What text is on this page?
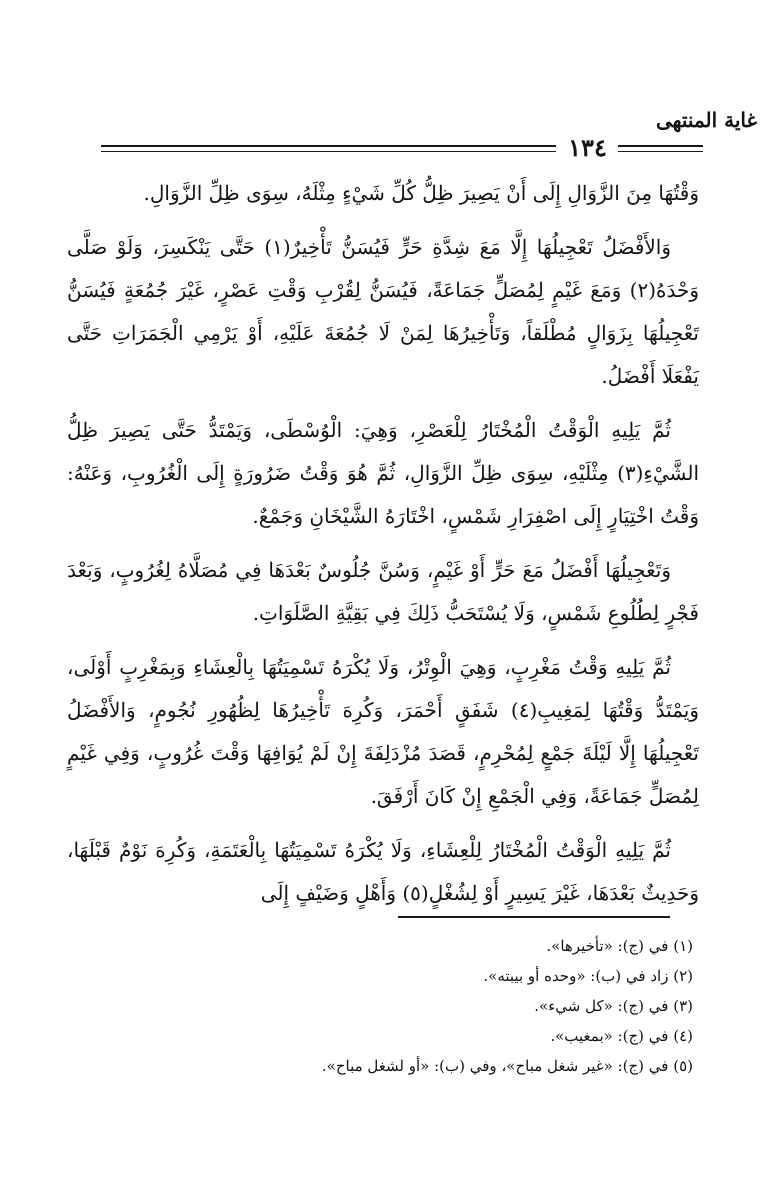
غاية المنتهى
١٣٤

وَقْتُهَا مِنَ الزَّوَالِ إِلَى أَنْ يَصِيرَ ظِلُّ كُلِّ شَيْءٍ مِثْلَهُ، سِوَى ظِلِّ الزَّوَالِ.

وَالأَفْضَلُ تَعْجِيلُهَا إِلَّا مَعَ شِدَّةِ حَرٍّ فَيُسَنُّ تَأْخِيرٌ(١) حَتَّى يَنْكَسِرَ، وَلَوْ صَلَّى وَحْدَهُ(٢) وَمَعَ غَيْمٍ لِمُصَلٍّ جَمَاعَةً، فَيُسَنُّ لِقُرْبِ وَقْتِ عَصْرٍ، غَيْرَ جُمُعَةٍ فَيُسَنُّ تَعْجِيلُهَا بِزَوَالٍ مُطْلَقاً، وَتَأْخِيرُهَا لِمَنْ لَا جُمُعَةَ عَلَيْهِ، أَوْ يَرْمِي الْجَمَرَاتِ حَتَّى يَفْعَلَا أَفْضَلُ.

ثُمَّ يَلِيهِ الْوَقْتُ الْمُخْتَارُ لِلْعَصْرِ، وَهِيَ: الْوُسْطَى، وَيَمْتَدُّ حَتَّى يَصِيرَ ظِلُّ الشَّيْءِ(٣) مِثْلَيْهِ، سِوَى ظِلِّ الزَّوَالِ، ثُمَّ هُوَ وَقْتُ ضَرُورَةٍ إِلَى الْغُرُوبِ، وَعَنْهُ: وَقْتُ اخْتِيَارٍ إِلَى اصْفِرَارِ شَمْسٍ، اخْتَارَهُ الشَّيْخَانِ وَجَمْعٌ.

وَتَعْجِيلُهَا أَفْضَلُ مَعَ حَرٍّ أَوْ غَيْمٍ، وَسُنَّ جُلُوسٌ بَعْدَهَا فِي مُصَلَّاهُ لِغُرُوبٍ، وَبَعْدَ فَجْرٍ لِطُلُوعِ شَمْسٍ، وَلَا يُسْتَحَبُّ ذَلِكَ فِي بَقِيَّةِ الصَّلَوَاتِ.

ثُمَّ يَلِيهِ وَقْتُ مَغْرِبٍ، وَهِيَ الْوِتْرُ، وَلَا يُكْرَهُ تَسْمِيَتُهَا بِالْعِشَاءِ وَبِمَغْرِبٍ أَوْلَى، وَيَمْتَدُّ وَقْتُهَا لِمَغِيبِ(٤) شَفَقٍ أَحْمَرَ، وَكُرِهَ تَأْخِيرُهَا لِظُهُورِ نُجُومٍ، وَالأَفْضَلُ تَعْجِيلُهَا إِلَّا لَيْلَةَ جَمْعٍ لِمُحْرِمٍ، قَصَدَ مُزْدَلِفَةَ إِنْ لَمْ يُوَافِهَا وَقْتَ غُرُوبٍ، وَفِي غَيْمٍ لِمُصَلٍّ جَمَاعَةً، وَفِي الْجَمْعِ إِنْ كَانَ أَرْفَقَ.

ثُمَّ يَلِيهِ الْوَقْتُ الْمُخْتَارُ لِلْعِشَاءِ، وَلَا يُكْرَهُ تَسْمِيَتُهَا بِالْعَتَمَةِ، وَكُرِهَ نَوْمٌ قَبْلَهَا، وَحَدِيثٌ بَعْدَهَا، غَيْرَ يَسِيرٍ أَوْ لِشُغْلٍ(٥) وَأَهْلٍ وَضَيْفٍ إِلَى

(١) في (ج): «تأخيرها».
(٢) زاد في (ب): «وحده أو بيبته».
(٣) في (ج): «كل شيء».
(٤) في (ج): «بمغيب».
(٥) في (ج): «غير شغل مباح»، وفي (ب): «أو لشغل مباح».
